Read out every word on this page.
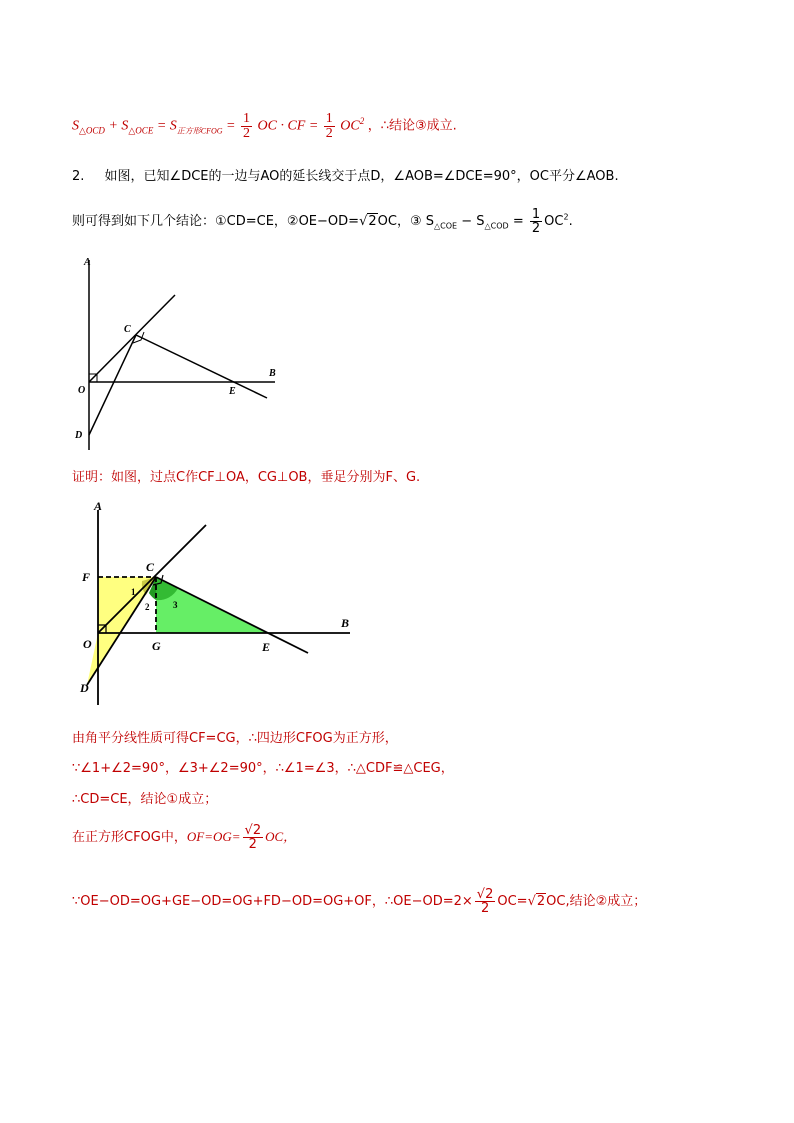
$S_{\triangle OCD} + S_{\triangle OCE} = S_{正方形CFOG} = \frac{1}{2}$ OC · CF = $\frac{1}{2} OC^2$ ，∴结论③成立.
2. 如图，已知∠DCE的一边与AO的延长线交于点D，∠AOB=∠DCE=90°，OC平分∠AOB.
则可得到如下几个结论：①CD=CE，②OE−OD=√2OC，③ $S_{\triangle COE} - S_{\triangle COD} = \frac{1}{2} OC^2$.
A
B
C
O	E
D
证明：如图，过点C作CF⊥OA，CG⊥OB，垂足分别为F、G.
A
B
C
F
O	G	E
D
1
2	3
由角平分线性质可得CF=CG，∴四边形CFOG为正方形，
∵∠1+∠2=90°，∠3+∠2=90°，∴∠1=∠3，∴△CDF≌△CEG，
∴CD=CE，结论①成立；
在正方形CFOG中，$OF=OG= \frac{√2}{2}$ OC，
∵OE−OD=OG+GE−OD=OG+FD−OD=OG+OF，∴OE−OD=2× $\frac{√2}{2} OC=√2OC$,结论②成立；
